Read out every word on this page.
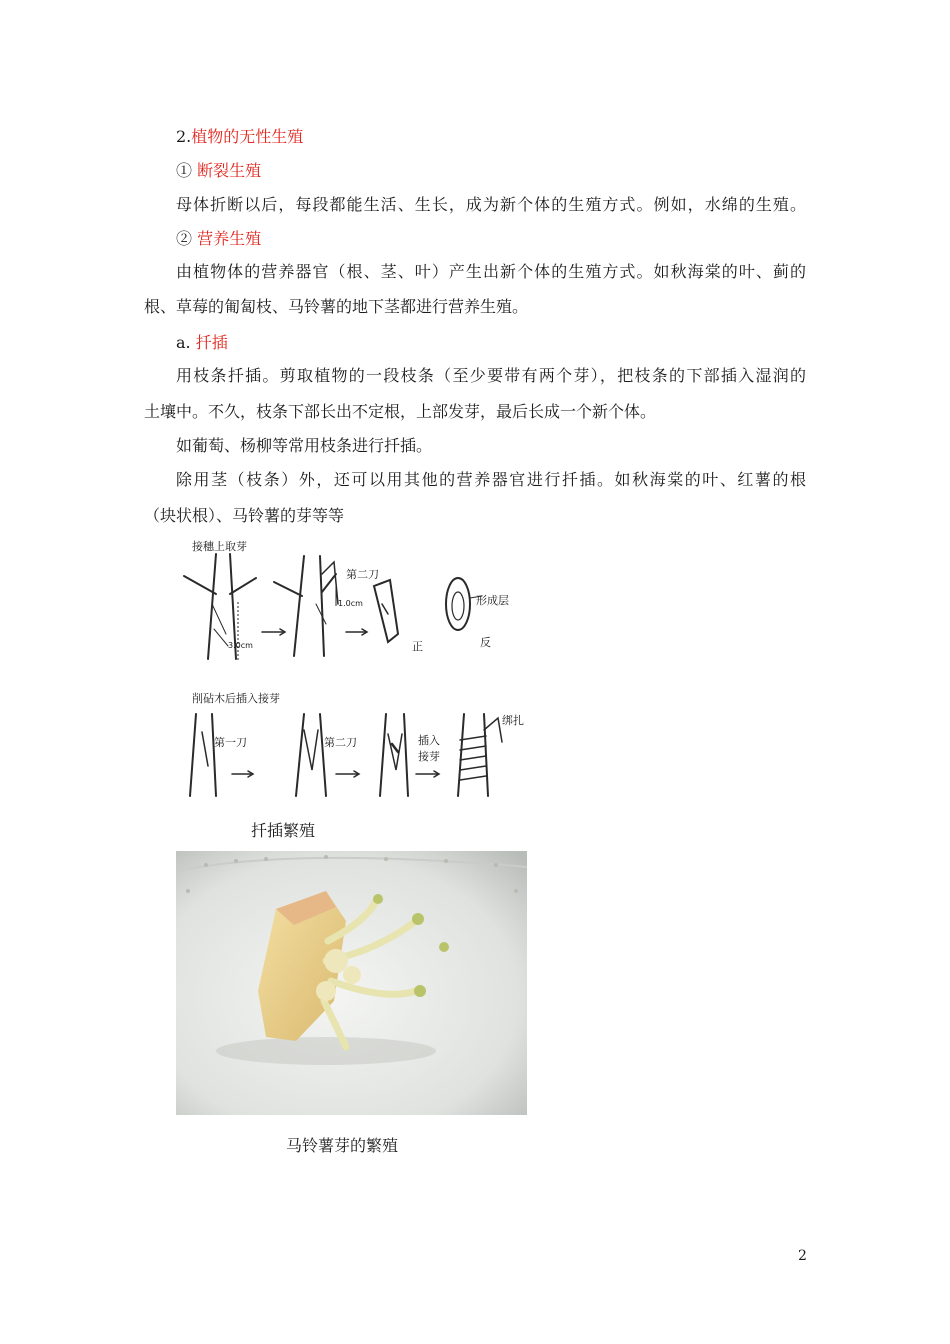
2.植物的无性生殖
① 断裂生殖
母体折断以后，每段都能生活、生长，成为新个体的生殖方式。例如，水绵的生殖。
② 营养生殖
由植物体的营养器官（根、茎、叶）产生出新个体的生殖方式。如秋海棠的叶、蓟的
根、草莓的匍匐枝、马铃薯的地下茎都进行营养生殖。
a. 扦插
用枝条扦插。剪取植物的一段枝条（至少要带有两个芽），把枝条的下部插入湿润的
土壤中。不久，枝条下部长出不定根，上部发芽，最后长成一个新个体。
如葡萄、杨柳等常用枝条进行扦插。
除用茎（枝条）外，还可以用其他的营养器官进行扦插。如秋海棠的叶、红薯的根
（块状根）、马铃薯的芽等等
接穗上取芽
第二刀
1.0cm
3.0cm	正	反
形成层
削砧木后插入接芽
第一刀	第二刀	插入
接芽
绑扎
扦插繁殖
马铃薯芽的繁殖
2
